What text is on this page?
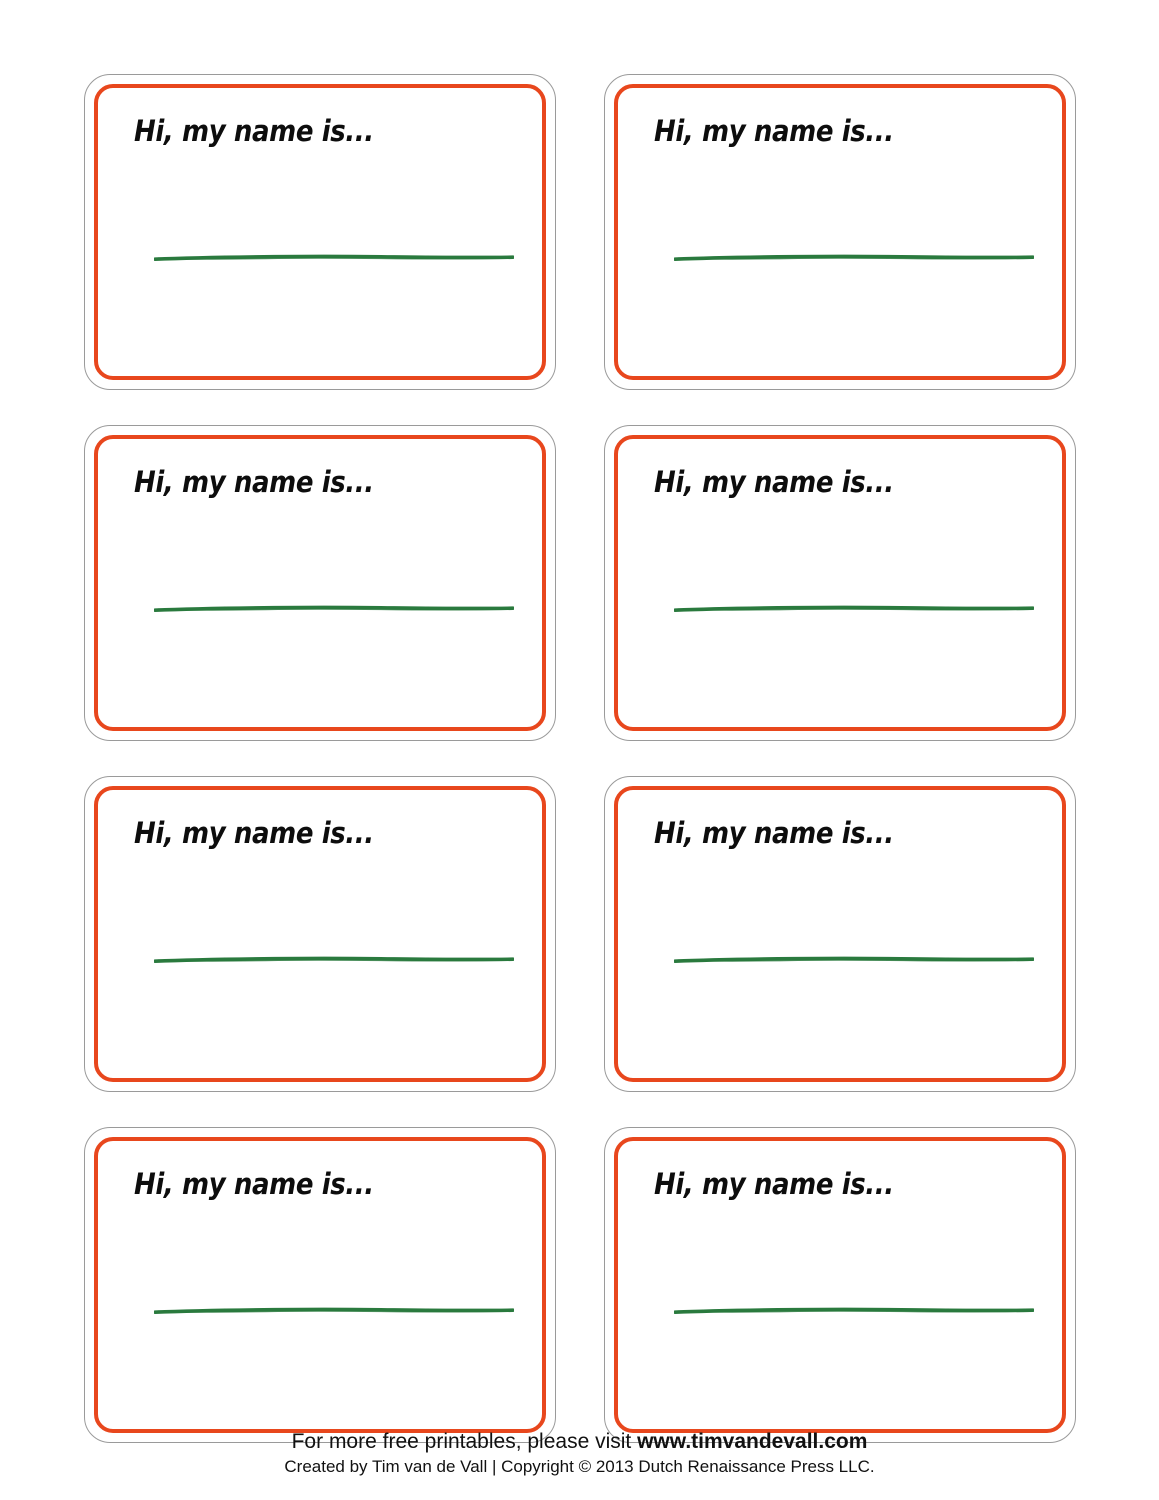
Hi, my name is...	Hi, my name is...
Hi, my name is...	Hi, my name is...
Hi, my name is...	Hi, my name is...
Hi, my name is...	Hi, my name is...
For more free printables, please visit www.timvandevall.com
Created by Tim van de Vall | Copyright © 2013 Dutch Renaissance Press LLC.
